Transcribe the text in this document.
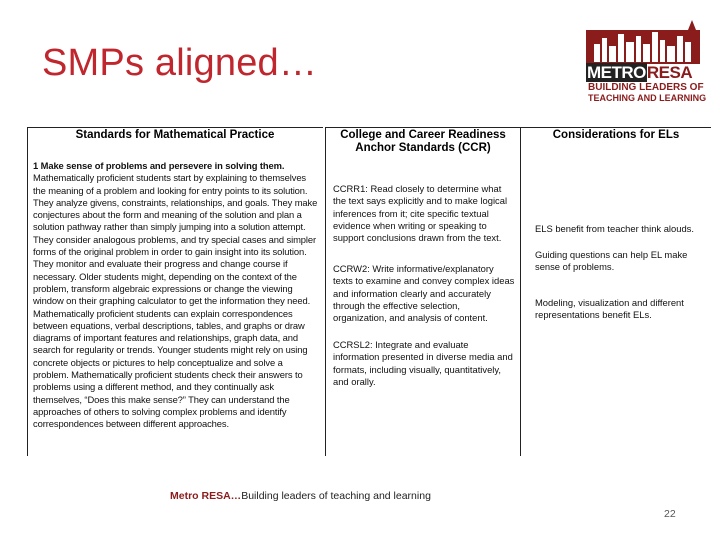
SMPs aligned…	METRORESA
BUILDING LEADERS OF
TEACHING AND LEARNING
Standards for Mathematical Practice
1 Make sense of problems and persevere in solving them. Mathematically proficient students start by explaining to themselves the meaning of a problem and looking for entry points to its solution. They analyze givens, constraints, relationships, and goals. They make conjectures about the form and meaning of the solution and plan a solution pathway rather than simply jumping into a solution attempt. They consider analogous problems, and try special cases and simpler forms of the original problem in order to gain insight into its solution. They monitor and evaluate their progress and change course if necessary. Older students might, depending on the context of the problem, transform algebraic expressions or change the viewing window on their graphing calculator to get the information they need. Mathematically proficient students can explain correspondences between equations, verbal descriptions, tables, and graphs or draw diagrams of important features and relationships, graph data, and search for regularity or trends. Younger students might rely on using concrete objects or pictures to help conceptualize and solve a problem. Mathematically proficient students check their answers to problems using a different method, and they continually ask themselves, “Does this make sense?” They can understand the approaches of others to solving complex problems and identify correspondences between different approaches.
College and Career Readiness Anchor Standards (CCR)
CCRR1: Read closely to determine what the text says explicitly and to make logical inferences from it; cite specific textual evidence when writing or speaking to support conclusions drawn from the text.
CCRW2: Write informative/explanatory texts to examine and convey complex ideas and information clearly and accurately through the effective selection, organization, and analysis of content.
CCRSL2: Integrate and evaluate information presented in diverse media and formats, including visually, quantitatively, and orally.
Considerations for ELs
ELS benefit from teacher think alouds.
Guiding questions can help EL make sense of problems.
Modeling, visualization and different representations benefit ELs.
Metro RESA…Building leaders of teaching and learning
22
